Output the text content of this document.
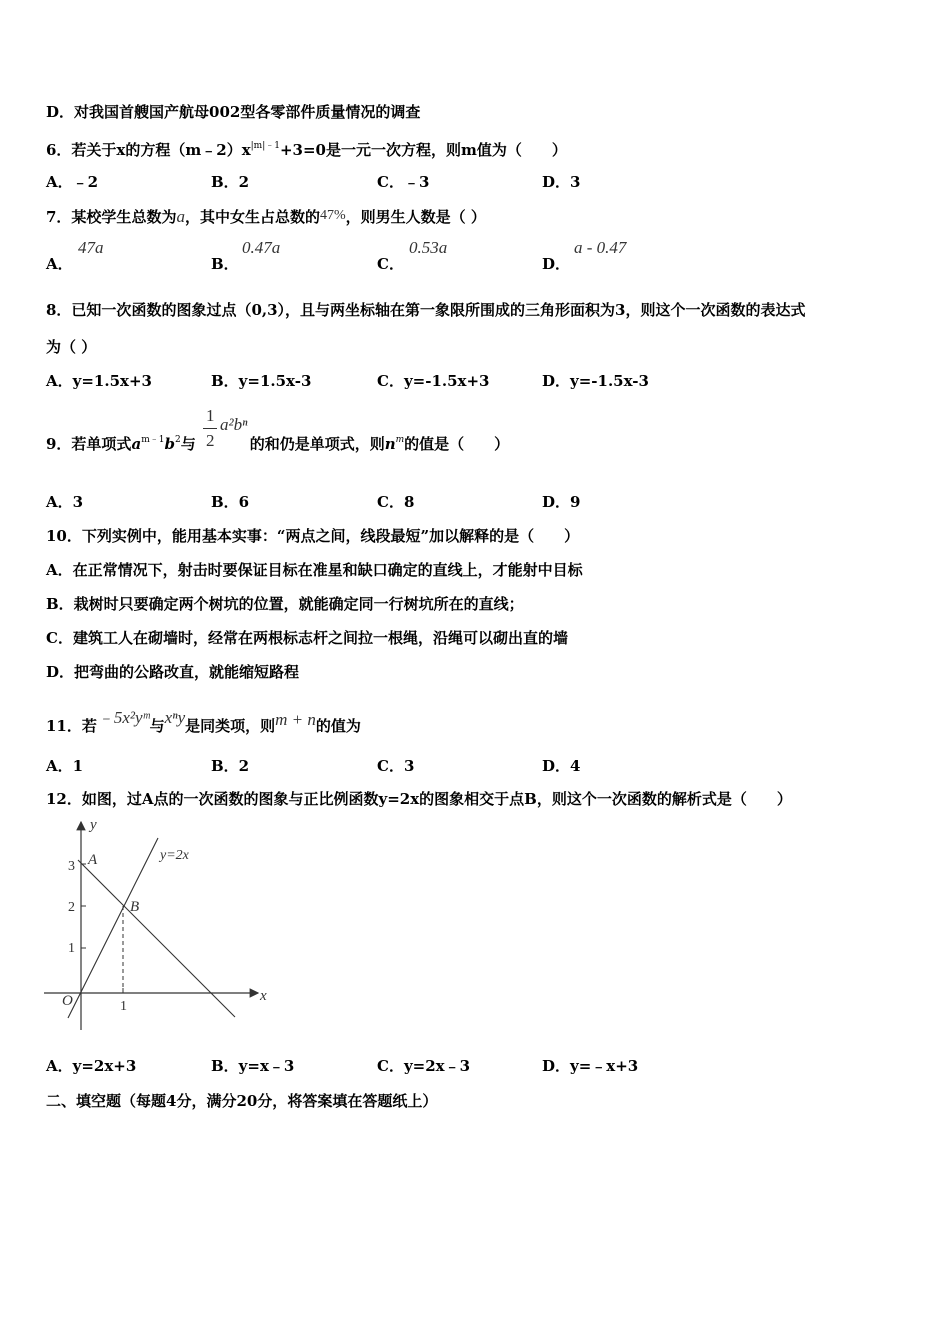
D．对我国首艘国产航母002型各零部件质量情况的调查
6．若关于x的方程$(m﹣2)x^{|m|﹣1}+3=0$是一元一次方程，则m值为（　　）
A．﹣2	B．2	C．﹣3	D．3
7．某校学生总数为a，其中女生占总数的47%，则男生人数是（ ）
A．
47a
B．
0.47a
C．
0.53a
D．
a - 0.47
8．已知一次函数的图象过点（0,3），且与两坐标轴在第一象限所围成的三角形面积为3，则这个一次函数的表达式
为（ ）
A．y=1.5x+3	B．y=1.5x-3	C．y=-1.5x+3	D．y=-1.5x-3
9．若单项式$a^{m﹣1}b^2$与	的和仍是单项式，则$n^m$的值是（　　）
1
2
a²bⁿ
A．3	B．6	C．8	D．9
10．下列实例中，能用基本实事：“两点之间，线段最短”加以解释的是（　　）
A．在正常情况下，射击时要保证目标在准星和缺口确定的直线上，才能射中目标
B．栽树时只要确定两个树坑的位置，就能确定同一行树坑所在的直线；
C．建筑工人在砌墙时，经常在两根标志杆之间拉一根绳，沿绳可以砌出直的墙
D．把弯曲的公路改直，就能缩短路程
11．若﹣5x²yᵐ与xⁿy是同类项，则m + n的值为
A．1	B．2	C．3	D．4
12．如图，过A点的一次函数的图象与正比例函数y=2x的图象相交于点B，则这个一次函数的解析式是（　　）
y
x
O
A
B
y=2x
3
2
1
1
A．y=2x+3	B．y=x﹣3	C．y=2x﹣3	D．y=﹣x+3
二、填空题（每题4分，满分20分，将答案填在答题纸上）
